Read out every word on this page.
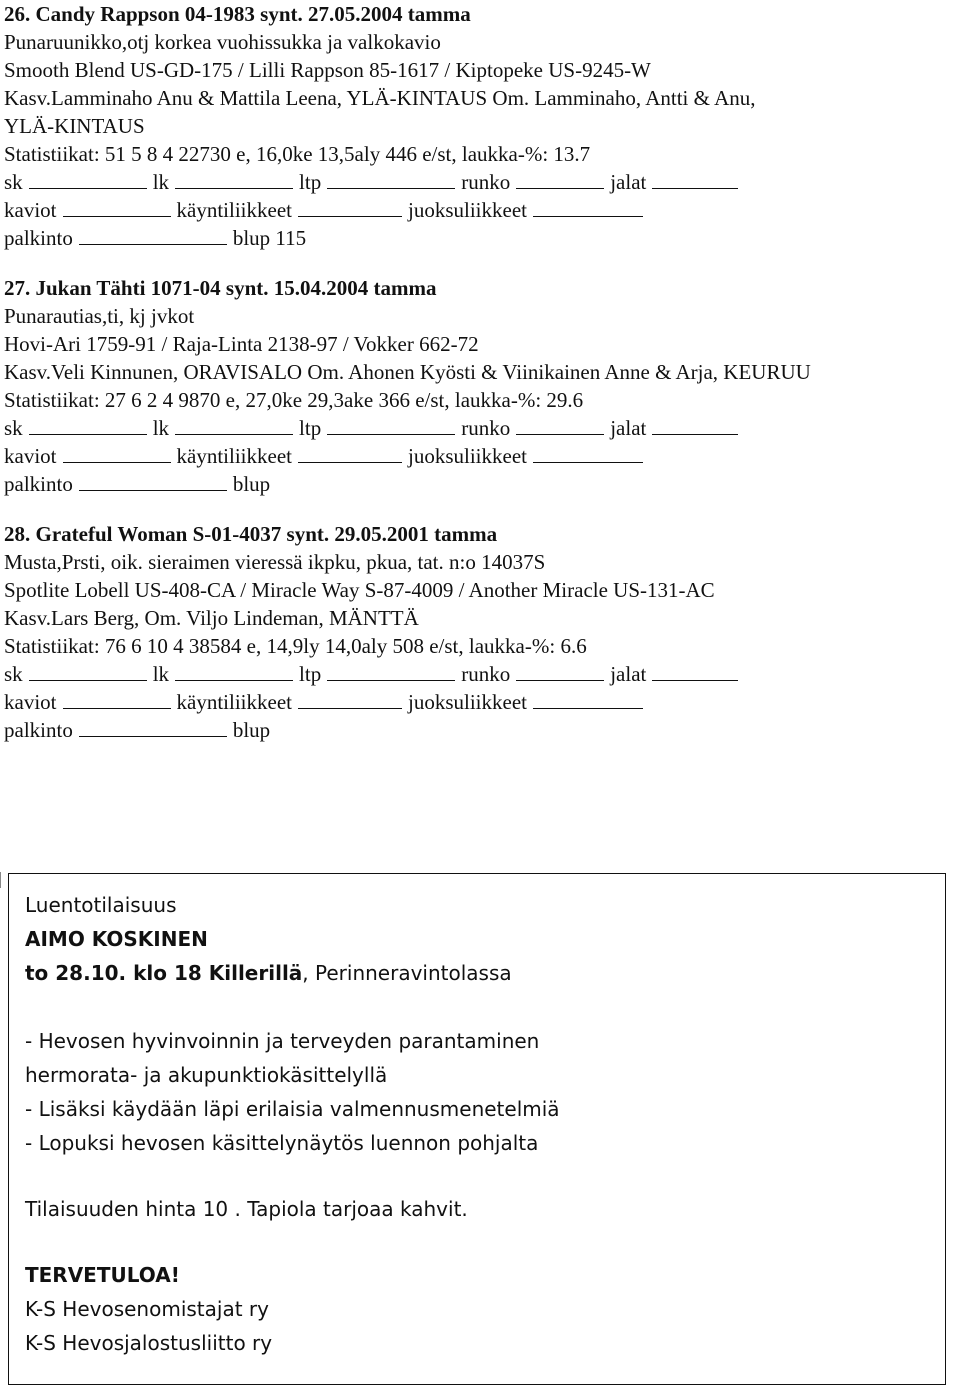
26. Candy Rappson 04-1983 synt. 27.05.2004 tamma
Punaruunikko,otj korkea vuohissukka ja valkokavio
Smooth Blend US-GD-175 / Lilli Rappson 85-1617 / Kiptopeke US-9245-W
Kasv.Lamminaho Anu & Mattila Leena, YLÄ-KINTAUS Om. Lamminaho, Antti & Anu,
YLÄ-KINTAUS
Statistiikat: 51 5 8 4 22730 e, 16,0ke 13,5aly 446 e/st, laukka-%: 13.7
sk	lk	ltp	runko	jalat
kaviot	käyntiliikkeet	juoksuliikkeet
palkinto	blup 115
27. Jukan Tähti 1071-04 synt. 15.04.2004 tamma
Punarautias,ti, kj jvkot
Hovi-Ari 1759-91 / Raja-Linta 2138-97 / Vokker 662-72
Kasv.Veli Kinnunen, ORAVISALO Om. Ahonen Kyösti & Viinikainen Anne & Arja, KEURUU
Statistiikat: 27 6 2 4 9870 e, 27,0ke 29,3ake 366 e/st, laukka-%: 29.6
sk	lk	ltp	runko	jalat
kaviot	käyntiliikkeet	juoksuliikkeet
palkinto	blup
28. Grateful Woman S-01-4037 synt. 29.05.2001 tamma
Musta,Prsti, oik. sieraimen vieressä ikpku, pkua, tat. n:o 14037S
Spotlite Lobell US-408-CA / Miracle Way S-87-4009 / Another Miracle US-131-AC
Kasv.Lars Berg, Om. Viljo Lindeman, MÄNTTÄ
Statistiikat: 76 6 10 4 38584 e, 14,9ly 14,0aly 508 e/st, laukka-%: 6.6
sk	lk	ltp	runko	jalat
kaviot	käyntiliikkeet	juoksuliikkeet
palkinto	blup
Luentotilaisuus
AIMO KOSKINEN
to 28.10. klo 18 Killerillä, Perinneravintolassa
- Hevosen hyvinvoinnin ja terveyden parantaminen
hermorata- ja akupunktiokäsittelyllä
- Lisäksi käydään läpi erilaisia valmennusmenetelmiä
- Lopuksi hevosen käsittelynäytös luennon pohjalta
Tilaisuuden hinta 10 . Tapiola tarjoaa kahvit.
TERVETULOA!
K-S Hevosenomistajat ry
K-S Hevosjalostusliitto ry
